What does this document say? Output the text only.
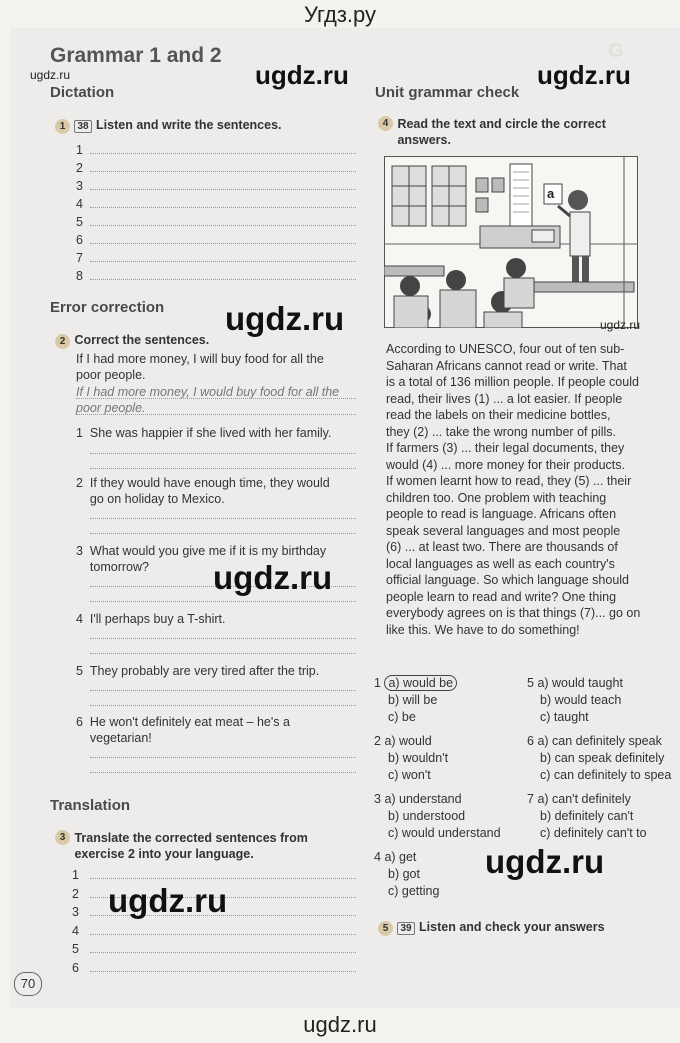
Угдз.ру
G
Grammar 1 and 2
ugdz.ru
Dictation
1 38 Listen and write the sentences.
1
2
3
4
5
6
7
8
Error correction
2 Correct the sentences.
If I had more money, I will buy food for all the
poor people.
If I had more money, I would buy food for all the
poor people.
1 She was happier if she lived with her family.
2 If they would have enough time, they would
go on holiday to Mexico.
3 What would you give me if it is my birthday
tomorrow?
4 I'll perhaps buy a T-shirt.
5 They probably are very tired after the trip.
6 He won't definitely eat meat – he's a
vegetarian!
Translation
3 Translate the corrected sentences from
exercise 2 into your language.
1
2
3
4
5
6
70
Unit grammar check
4 Read the text and circle the correct
answers.
a
ugdz.ru
According to UNESCO, four out of ten sub-
Saharan Africans cannot read or write. That
is a total of 136 million people. If people could
read, their lives (1) ... a lot easier. If people
read the labels on their medicine bottles,
they (2) ... take the wrong number of pills.
If farmers (3) ... their legal documents, they
would (4) ... more money for their products.
If women learnt how to read, they (5) ... their
children too. One problem with teaching
people to read is language. Africans often
speak several languages and most people
(6) ... at least two. There are thousands of
local languages as well as each country's
official language. So which language should
people learn to read and write? One thing
everybody agrees on is that things (7)... go on
like this. We have to do something!
1 a) would be
b) will be
c) be
2 a) would
b) wouldn't
c) won't
3 a) understand
b) understood
c) would understand
4 a) get
b) got
c) getting
5 a) would taught
b) would teach
c) taught
6 a) can definitely speak
b) can speak definitely
c) can definitely to spea
7 a) can't definitely
b) definitely can't
c) definitely can't to
5 39 Listen and check your answers
ugdz.ru	ugdz.ru
ugdz.ru
ugdz.ru
ugdz.ru
ugdz.ru
ugdz.ru
